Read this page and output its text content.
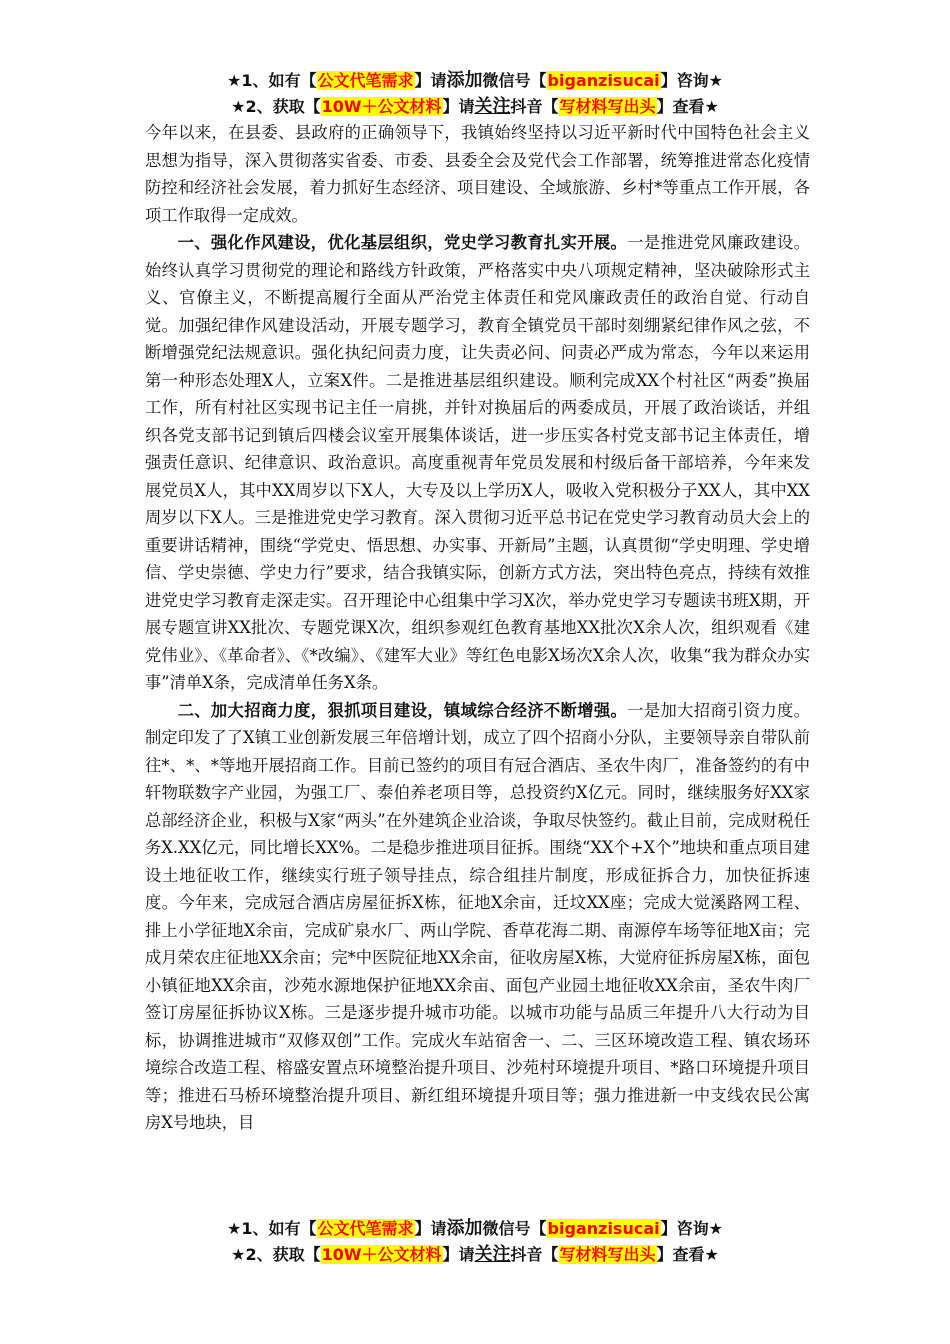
★1、如有【公文代笔需求】请添加微信号【biganzisucai】咨询★
★2、获取【10W＋公文材料】请关注抖音【写材料写出头】查看★

今年以来，在县委、县政府的正确领导下，我镇始终坚持以习近平新时代中国特色社会主义思想为指导，深入贯彻落实省委、市委、县委全会及党代会工作部署，统筹推进常态化疫情防控和经济社会发展，着力抓好生态经济、项目建设、全域旅游、乡村*等重点工作开展，各项工作取得一定成效。

一、强化作风建设，优化基层组织，党史学习教育扎实开展。一是推进党风廉政建设。始终认真学习贯彻党的理论和路线方针政策，严格落实中央八项规定精神，坚决破除形式主义、官僚主义，不断提高履行全面从严治党主体责任和党风廉政责任的政治自觉、行动自觉。加强纪律作风建设活动，开展专题学习，教育全镇党员干部时刻绷紧纪律作风之弦，不断增强党纪法规意识。强化执纪问责力度，让失责必问、问责必严成为常态，今年以来运用第一种形态处理X人，立案X件。二是推进基层组织建设。顺利完成XX个村社区“两委”换届工作，所有村社区实现书记主任一肩挑，并针对换届后的两委成员，开展了政治谈话，并组织各党支部书记到镇后四楼会议室开展集体谈话，进一步压实各村党支部书记主体责任，增强责任意识、纪律意识、政治意识。高度重视青年党员发展和村级后备干部培养，今年来发展党员X人，其中XX周岁以下X人，大专及以上学历X人，吸收入党积极分子XX人，其中XX周岁以下X人。三是推进党史学习教育。深入贯彻习近平总书记在党史学习教育动员大会上的重要讲话精神，围绕“学党史、悟思想、办实事、开新局”主题，认真贯彻“学史明理、学史增信、学史崇德、学史力行”要求，结合我镇实际，创新方式方法，突出特色亮点，持续有效推进党史学习教育走深走实。召开理论中心组集中学习X次，举办党史学习专题读书班X期，开展专题宣讲XX批次、专题党课X次，组织参观红色教育基地XX批次X余人次，组织观看《建党伟业》、《革命者》、《*改编》、《建军大业》等红色电影X场次X余人次，收集“我为群众办实事”清单X条，完成清单任务X条。

二、加大招商力度，狠抓项目建设，镇域综合经济不断增强。一是加大招商引资力度。制定印发了了X镇工业创新发展三年倍增计划，成立了四个招商小分队，主要领导亲自带队前往*、*、*等地开展招商工作。目前已签约的项目有冠合酒店、圣农牛肉厂，准备签约的有中轩物联数字产业园，为强工厂、泰伯养老项目等，总投资约X亿元。同时，继续服务好XX家总部经济企业，积极与X家“两头”在外建筑企业洽谈，争取尽快签约。截止目前，完成财税任务X.XX亿元，同比增长XX%。二是稳步推进项目征拆。围绕“XX个+X个”地块和重点项目建设土地征收工作，继续实行班子领导挂点，综合组挂片制度，形成征拆合力，加快征拆速度。今年来，完成冠合酒店房屋征拆X栋，征地X余亩，迁坟XX座；完成大觉溪路网工程、排上小学征地X余亩，完成矿泉水厂、两山学院、香草花海二期、南源停车场等征地X亩；完成月荣农庄征地XX余亩；完*中医院征地XX余亩，征收房屋X栋，大觉府征拆房屋X栋，面包小镇征地XX余亩，沙苑水源地保护征地XX余亩、面包产业园土地征收XX余亩，圣农牛肉厂签订房屋征拆协议X栋。三是逐步提升城市功能。以城市功能与品质三年提升八大行动为目标，协调推进城市“双修双创”工作。完成火车站宿舍一、二、三区环境改造工程、镇农场环境综合改造工程、榕盛安置点环境整治提升项目、沙苑村环境提升项目、*路口环境提升项目等；推进石马桥环境整治提升项目、新红组环境提升项目等；强力推进新一中支线农民公寓房X号地块，目

★1、如有【公文代笔需求】请添加微信号【biganzisucai】咨询★
★2、获取【10W＋公文材料】请关注抖音【写材料写出头】查看★
